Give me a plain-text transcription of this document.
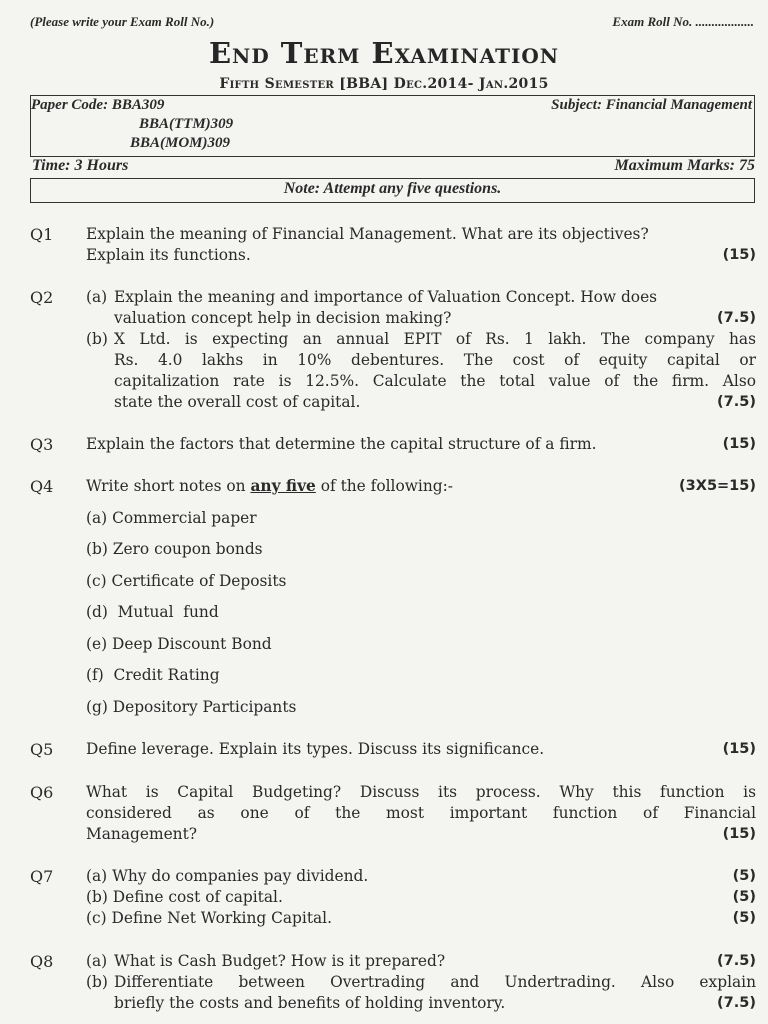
(Please write your Exam Roll No.)	Exam Roll No. ..................
End Term Examination
Fifth Semester [BBA] Dec.2014- Jan.2015
Paper Code: BBA309
BBA(TTM)309
BBA(MOM)309
Subject: Financial Management
Time: 3 Hours	Maximum Marks: 75
Note: Attempt any five questions.
Q1 Explain the meaning of Financial Management. What are its objectives?
Explain its functions.	(15)
Q2 (a) Explain the meaning and importance of Valuation Concept. How does
valuation concept help in decision making?	(7.5)
(b) X Ltd. is expecting an annual EPIT of Rs. 1 lakh. The company has
Rs. 4.0 lakhs in 10% debentures. The cost of equity capital or
capitalization rate is 12.5%. Calculate the total value of the firm. Also
state the overall cost of capital.	(7.5)
Q3 Explain the factors that determine the capital structure of a firm.	(15)
Q4 Write short notes on any five of the following:-	(3X5=15)
(a) Commercial paper
(b) Zero coupon bonds
(c) Certificate of Deposits
(d)  Mutual  fund
(e) Deep Discount Bond
(f)  Credit Rating
(g) Depository Participants
Q5 Define leverage. Explain its types. Discuss its significance.	(15)
Q6 What is Capital Budgeting? Discuss its process. Why this function is
considered as one of the most important function of Financial
Management?	(15)
Q7 (a) Why do companies pay dividend.	(5)
(b) Define cost of capital.	(5)
(c) Define Net Working Capital.	(5)
Q8 (a) What is Cash Budget? How is it prepared?	(7.5)
(b) Differentiate between Overtrading and Undertrading. Also explain
briefly the costs and benefits of holding inventory.	(7.5)
